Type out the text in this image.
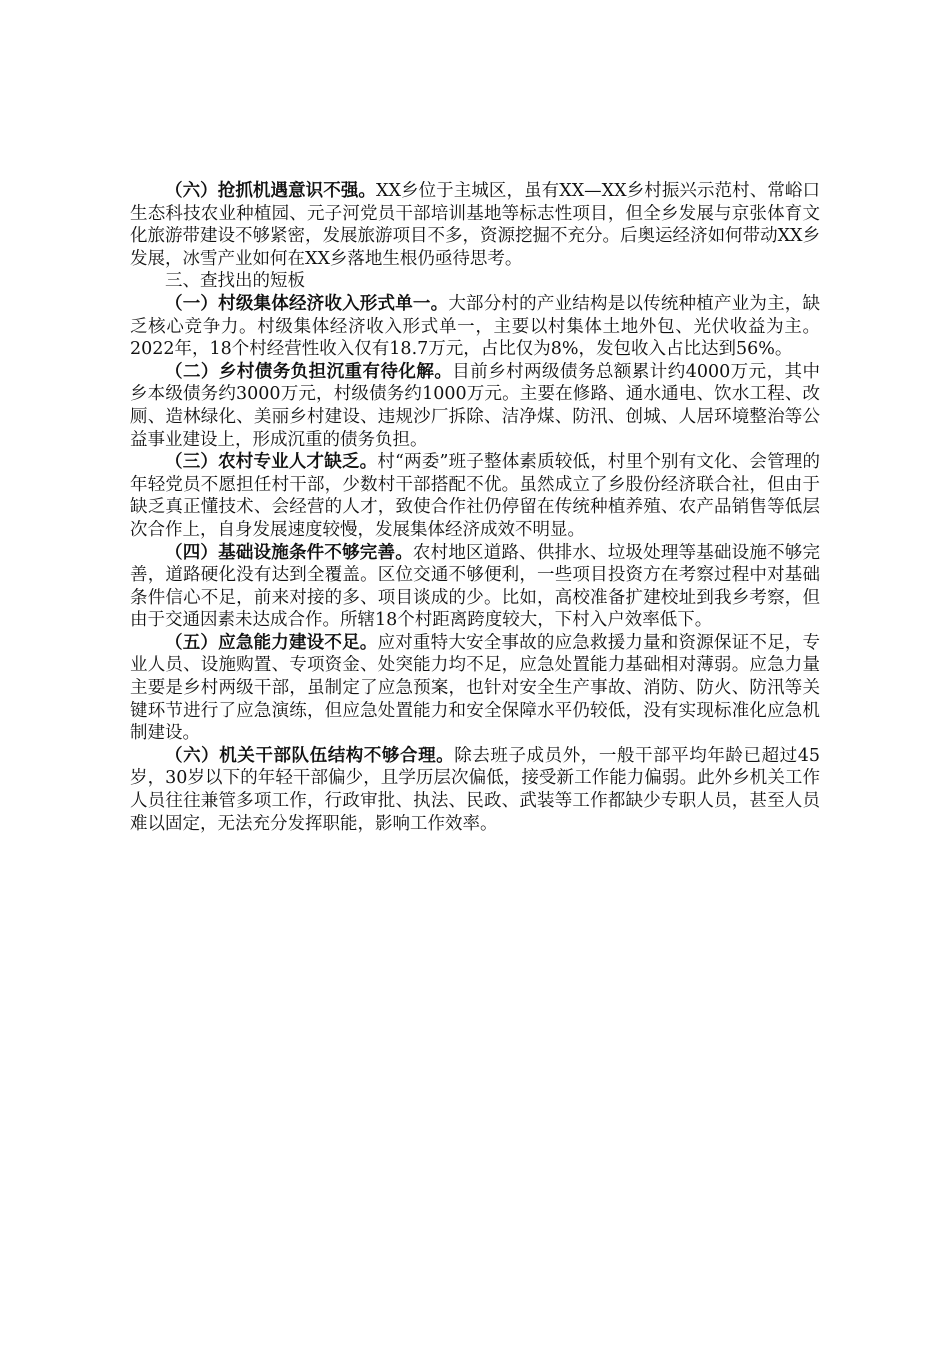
（六）抢抓机遇意识不强。XX乡位于主城区，虽有XX—XX乡村振兴示范村、常峪口生态科技农业种植园、元子河党员干部培训基地等标志性项目，但全乡发展与京张体育文化旅游带建设不够紧密，发展旅游项目不多，资源挖掘不充分。后奥运经济如何带动XX乡发展，冰雪产业如何在XX乡落地生根仍亟待思考。

三、查找出的短板

（一）村级集体经济收入形式单一。大部分村的产业结构是以传统种植产业为主，缺乏核心竞争力。村级集体经济收入形式单一，主要以村集体土地外包、光伏收益为主。2022年，18个村经营性收入仅有18.7万元，占比仅为8%，发包收入占比达到56%。

（二）乡村债务负担沉重有待化解。目前乡村两级债务总额累计约4000万元，其中乡本级债务约3000万元，村级债务约1000万元。主要在修路、通水通电、饮水工程、改厕、造林绿化、美丽乡村建设、违规沙厂拆除、洁净煤、防汛、创城、人居环境整治等公益事业建设上，形成沉重的债务负担。

（三）农村专业人才缺乏。村“两委”班子整体素质较低，村里个别有文化、会管理的年轻党员不愿担任村干部，少数村干部搭配不优。虽然成立了乡股份经济联合社，但由于缺乏真正懂技术、会经营的人才，致使合作社仍停留在传统种植养殖、农产品销售等低层次合作上，自身发展速度较慢，发展集体经济成效不明显。

（四）基础设施条件不够完善。农村地区道路、供排水、垃圾处理等基础设施不够完善，道路硬化没有达到全覆盖。区位交通不够便利，一些项目投资方在考察过程中对基础条件信心不足，前来对接的多、项目谈成的少。比如，高校准备扩建校址到我乡考察，但由于交通因素未达成合作。所辖18个村距离跨度较大，下村入户效率低下。

（五）应急能力建设不足。应对重特大安全事故的应急救援力量和资源保证不足，专业人员、设施购置、专项资金、处突能力均不足，应急处置能力基础相对薄弱。应急力量主要是乡村两级干部，虽制定了应急预案，也针对安全生产事故、消防、防火、防汛等关键环节进行了应急演练，但应急处置能力和安全保障水平仍较低，没有实现标准化应急机制建设。

（六）机关干部队伍结构不够合理。除去班子成员外，一般干部平均年龄已超过45岁，30岁以下的年轻干部偏少，且学历层次偏低，接受新工作能力偏弱。此外乡机关工作人员往往兼管多项工作，行政审批、执法、民政、武装等工作都缺少专职人员，甚至人员难以固定，无法充分发挥职能，影响工作效率。
